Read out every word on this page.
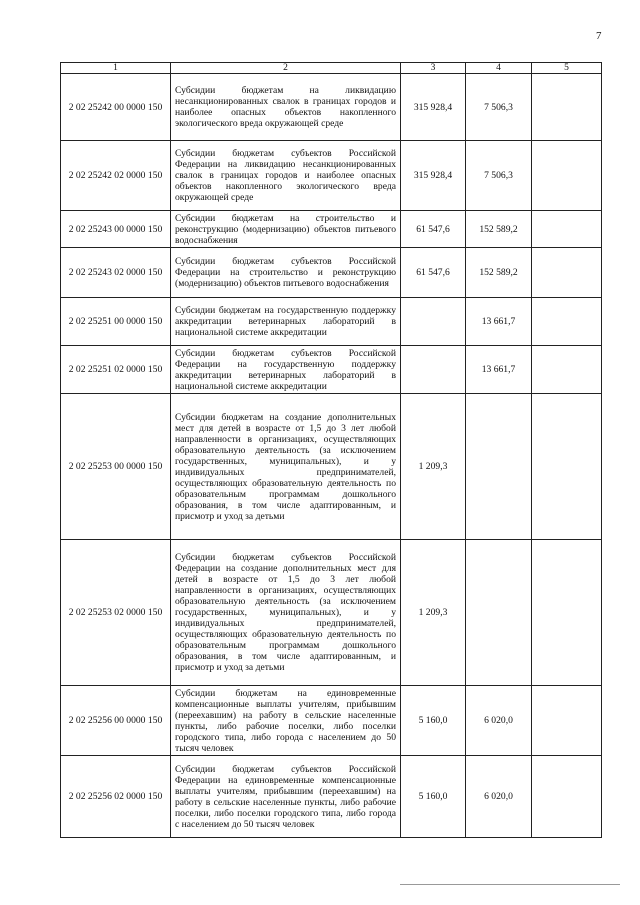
7
1	2	3	4	5
2 02 25242 00 0000 150	Субсидии бюджетам на ликвидацию несанкционированных свалок в границах городов и наиболее опасных объектов накопленного экологического вреда окружающей среде	315 928,4	7 506,3	
2 02 25242 02 0000 150	Субсидии бюджетам субъектов Российской Федерации на ликвидацию несанкционированных свалок в границах городов и наиболее опасных объектов накопленного экологического вреда окружающей среде	315 928,4	7 506,3	
2 02 25243 00 0000 150	Субсидии бюджетам на строительство и реконструкцию (модернизацию) объектов питьевого водоснабжения	61 547,6	152 589,2	
2 02 25243 02 0000 150	Субсидии бюджетам субъектов Российской Федерации на строительство и реконструкцию (модернизацию) объектов питьевого водоснабжения	61 547,6	152 589,2	
2 02 25251 00 0000 150	Субсидии бюджетам на государственную поддержку аккредитации ветеринарных лабораторий в национальной системе аккредитации		13 661,7	
2 02 25251 02 0000 150	Субсидии бюджетам субъектов Российской Федерации на государственную поддержку аккредитации ветеринарных лабораторий в национальной системе аккредитации		13 661,7	
2 02 25253 00 0000 150	Субсидии бюджетам на создание дополнительных мест для детей в возрасте от 1,5 до 3 лет любой направленности в организациях, осуществляющих образовательную деятельность (за исключением государственных, муниципальных), и у индивидуальных предпринимателей, осуществляющих образовательную деятельность по образовательным программам дошкольного образования, в том числе адаптированным, и присмотр и уход за детьми	1 209,3		
2 02 25253 02 0000 150	Субсидии бюджетам субъектов Российской Федерации на создание дополнительных мест для детей в возрасте от 1,5 до 3 лет любой направленности в организациях, осуществляющих образовательную деятельность (за исключением государственных, муниципальных), и у индивидуальных предпринимателей, осуществляющих образовательную деятельность по образовательным программам дошкольного образования, в том числе адаптированным, и присмотр и уход за детьми	1 209,3		
2 02 25256 00 0000 150	Субсидии бюджетам на единовременные компенсационные выплаты учителям, прибывшим (переехавшим) на работу в сельские населенные пункты, либо рабочие поселки, либо поселки городского типа, либо города с населением до 50 тысяч человек	5 160,0	6 020,0	
2 02 25256 02 0000 150	Субсидии бюджетам субъектов Российской Федерации на единовременные компенсационные выплаты учителям, прибывшим (переехавшим) на работу в сельские населенные пункты, либо рабочие поселки, либо поселки городского типа, либо города с населением до 50 тысяч человек	5 160,0	6 020,0	
